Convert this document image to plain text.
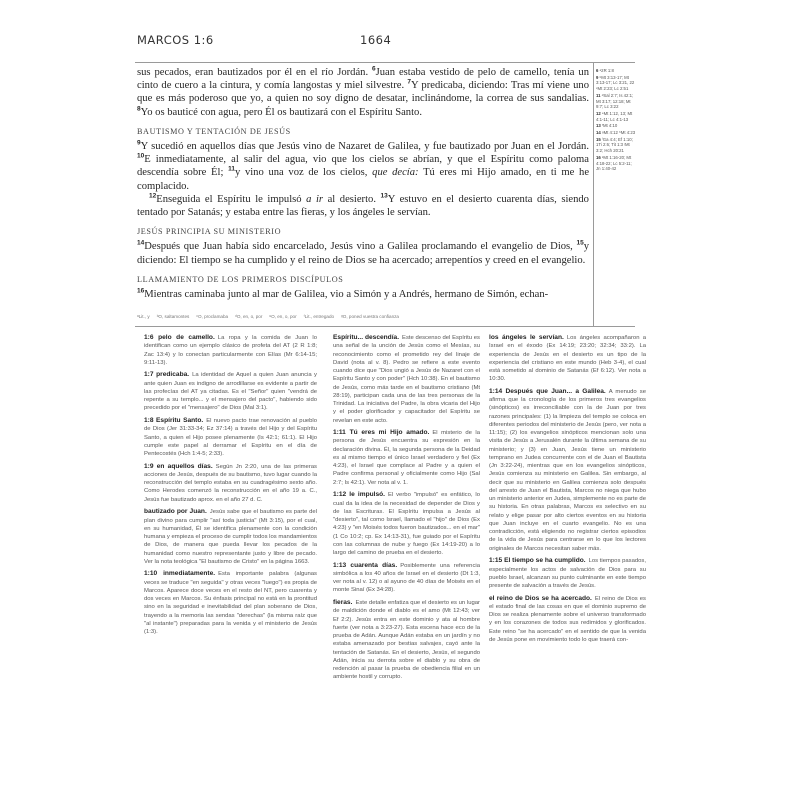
MARCOS 1:6	1664

sus pecados, eran bautizados por él en el río Jordán. $^6$Juan estaba vestido de pelo de camello, tenía un cinto de cuero a la cintura, y comía langostas y miel silvestre. $^7$Y predicaba, diciendo: Tras mí viene uno que es más poderoso que yo, a quien no soy digno de desatar, inclinándome, la correa de sus sandalias. $^8$Yo os bauticé con agua, pero Él os bautizará con el Espíritu Santo.

BAUTISMO Y TENTACIÓN DE JESÚS

$^9$Y sucedió en aquellos días que Jesús vino de Nazaret de Galilea, y fue bautizado por Juan en el Jordán. $^{10}$E inmediatamente, al salir del agua, vio que los cielos se abrían, y que el Espíritu como paloma descendía sobre Él; $^{11}$y vino una voz de los cielos, que decía: Tú eres mi Hijo amado, en ti me he complacido.

$^{12}$Enseguida el Espíritu le impulsó a ir al desierto. $^{13}$Y estuvo en el desierto cuarenta días, siendo tentado por Satanás; y estaba entre las fieras, y los ángeles le servían.

JESÚS PRINCIPIA SU MINISTERIO

$^{14}$Después que Juan había sido encarcelado, Jesús vino a Galilea proclamando el evangelio de Dios, $^{15}$y diciendo: El tiempo se ha cumplido y el reino de Dios se ha acercado; arrepentíos y creed en el evangelio.

LLAMAMIENTO DE LOS PRIMEROS DISCÍPULOS

$^{16}$Mientras caminaba junto al mar de Galilea, vio a Simón y a Andrés, hermano de Simón, echan-

ᵃLit., y ᵇO, saltamontes ᶜO, proclamaba ᵈO, en, o, por ᵉO, en, o, por ᶠLit., entregado ᵍO, poned vuestra confianza
6 ᵃ2R 1:8
9 ᵇMt 3:13-17; Mt 3:13-17; Lc 3:21, 22 ᶜMt 2:23; Lc 2:51
11 ᵈSal 2:7; Is 42:1; Mt 3:17; 12:18; Mt 9:7; Lc 3:22
12 ᵉMt 1:12, 13; Mt 4:1-11; Lc 4:1-13
13 ᶠMt 4:10
14 ᵍMt 4:12 ʰMt 4:23
15 ⁱGa 4:4; Ef 1:10; 1Ti 2:6; Tit 1:3 ʲMt 3:2; Hch 20:21
16 ᵏMt 1:16-20; Mt 4:18-22; Lc 5:2-11; Jn 1:40-42

1:6 pelo de camello. La ropa y la comida de Juan lo identifican como un ejemplo clásico de profeta del AT (2 R 1:8; Zac 13:4) y lo conectan particularmente con Elías (Mr 6:14-15; 9:11-13).

1:7 predicaba. La identidad de Aquel a quien Juan anuncia y ante quien Juan es indigno de arrodillarse es evidente a partir de las profecías del AT ya citadas. Es el "Señor" quien "vendrá de repente a su templo... y el mensajero del pacto", habiendo sido precedido por el "mensajero" de Dios (Mal 3:1).

1:8 Espíritu Santo. El nuevo pacto trae renovación al pueblo de Dios (Jer 31:33-34; Ez 37:14) a través del Hijo y del Espíritu Santo, a quien el Hijo posee plenamente (Is 42:1; 61:1). El Hijo cumple este papel al derramar el Espíritu en el día de Pentecostés (Hch 1:4-5; 2:33).

1:9 en aquellos días. Según Jn 2:20, una de las primeras acciones de Jesús, después de su bautismo, tuvo lugar cuando la reconstrucción del templo estaba en su cuadragésimo sexto año. Como Herodes comenzó la reconstrucción en el año 19 a. C., Jesús fue bautizado aprox. en el año 27 d. C.

bautizado por Juan. Jesús sabe que el bautismo es parte del plan divino para cumplir "así toda justicia" (Mt 3:15), por el cual, en su humanidad, Él se identifica plenamente con la condición humana y empieza el proceso de cumplir todos los mandamientos de Dios, de manera que pueda llevar los pecados de la humanidad como nuestro representante justo y libre de pecado. Ver la nota teológica "El bautismo de Cristo" en la página 1663.

1:10 inmediatamente. Esta importante palabra (algunas veces se traduce "en seguida" y otras veces "luego") es propia de Marcos. Aparece doce veces en el resto del NT, pero cuarenta y dos veces en Marcos. Su énfasis principal no está en la prontitud sino en la seguridad e inevitabilidad del plan soberano de Dios, trayendo a la memoria las sendas "derechas" (la misma raíz que "al instante") preparadas para la venida y el ministerio de Jesús (1:3).

Espíritu... descendía. Este descenso del Espíritu es una señal de la unción de Jesús como el Mesías, su reconocimiento como el prometido rey del linaje de David (nota al v. 8). Pedro se refiere a este evento cuando dice que "Dios ungió a Jesús de Nazaret con el Espíritu Santo y con poder" (Hch 10:38). En el bautismo de Jesús, como más tarde en el bautismo cristiano (Mt 28:19), participan cada una de las tres personas de la Trinidad. La iniciativa del Padre, la obra vicaria del Hijo y el poder glorificador y capacitador del Espíritu se revelan en este acto.

1:11 Tú eres mi Hijo amado. El misterio de la persona de Jesús encuentra su expresión en la declaración divina. Él, la segunda persona de la Deidad es al mismo tiempo el único Israel verdadero y fiel (Ex 4:23), el Israel que complace al Padre y a quien el Padre confirma personal y oficialmente como Hijo (Sal 2:7; Is 42:1). Ver nota al v. 1.

1:12 le impulsó. El verbo "impulsó" es enfático, lo cual da la idea de la necesidad de depender de Dios y de las Escrituras. El Espíritu impulsa a Jesús al "desierto", tal como Israel, llamado el "hijo" de Dios (Ex 4:23) y "en Moisés todos fueron bautizados... en el mar" (1 Co 10:2; cp. Ex 14:13-31), fue guiado por el Espíritu con las columnas de nube y fuego (Ex 14:19-20) a lo largo del camino de prueba en el desierto.

1:13 cuarenta días. Posiblemente una referencia simbólica a los 40 años de Israel en el desierto (Dt 1:3, ver nota al v. 12) o al ayuno de 40 días de Moisés en el monte Sinaí (Ex 34:28).

fieras. Este detalle enfatiza que el desierto es un lugar de maldición donde el diablo es el amo (Mt 12:43; ver Ef 2:2). Jesús entra en este dominio y ata al hombre fuerte (ver nota a 3:23-27). Esta escena hace eco de la prueba de Adán. Aunque Adán estaba en un jardín y no estaba amenazado por bestias salvajes, cayó ante la tentación de Satanás. En el desierto, Jesús, el segundo Adán, inicia su derrota sobre el diablo y su obra de redención al pasar la prueba de obediencia filial en un ambiente hostil y corrupto.

los ángeles le servían. Los ángeles acompañaron a Israel en el éxodo (Ex 14:19; 23:20; 32:34; 33:2). La experiencia de Jesús en el desierto es un tipo de la experiencia del cristiano en este mundo (Heb 3-4), el cual está sometido al dominio de Satanás (Ef 6:12). Ver nota a 10:30.

1:14 Después que Juan... a Galilea. A menudo se afirma que la cronología de los primeros tres evangelios (sinópticos) es irreconciliable con la de Juan por tres razones principales: (1) la limpieza del templo se coloca en diferentes periodos del ministerio de Jesús (pero, ver nota a 11:15); (2) los evangelios sinópticos mencionan solo una visita de Jesús a Jerusalén durante la última semana de su ministerio; y (3) en Juan, Jesús tiene un ministerio temprano en Judea concurrente con el de Juan el Bautista (Jn 3:22-24), mientras que en los evangelios sinópticos, Jesús comienza su ministerio en Galilea. Sin embargo, al decir que su ministerio en Galilea comienza solo después del arresto de Juan el Bautista, Marcos no niega que hubo un ministerio anterior en Judea, simplemente no es parte de su historia. En otras palabras, Marcos es selectivo en su relato y elige pasar por alto ciertos eventos en su historia que Juan incluye en el cuarto evangelio. No es una contradicción, está eligiendo no registrar ciertos episodios de la vida de Jesús para centrarse en lo que los lectores originales de Marcos necesitan saber más.

1:15 El tiempo se ha cumplido. Los tiempos pasados, especialmente los actos de salvación de Dios para su pueblo Israel, alcanzan su punto culminante en este tiempo presente de salvación a través de Jesús.

el reino de Dios se ha acercado. El reino de Dios es el estado final de las cosas en que el dominio supremo de Dios se realiza plenamente sobre el universo transformado y en los corazones de todos sus redimidos y glorificados. Este reino "se ha acercado" en el sentido de que la venida de Jesús pone en movimiento todo lo que traerá con-
